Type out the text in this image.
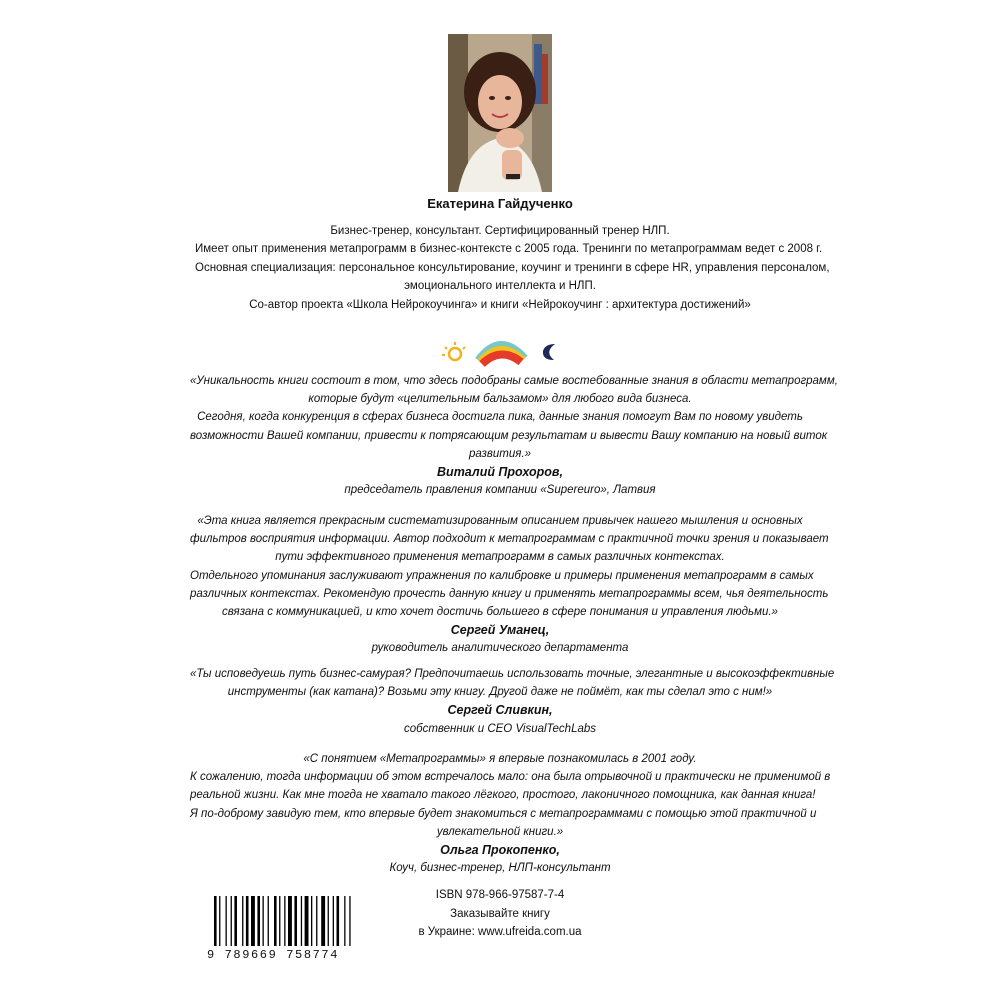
Екатерина Гайдученко
Бизнес-тренер, консультант. Сертифицированный тренер НЛП.
Имеет опыт применения метапрограмм в бизнес-контексте с 2005 года. Тренинги по метапрограммам ведет с 2008 г.
Основная специализация: персональное консультирование, коучинг и тренинги в сфере HR, управления персоналом,
эмоционального интеллекта и НЛП.
Со-автор проекта «Школа Нейрокоучинга» и книги «Нейрокоучинг : архитектура достижений»
«Уникальность книги состоит в том, что здесь подобраны самые востебованные знания в области метапрограмм,
которые будут «целительным бальзамом» для любого вида бизнеса.
Сегодня, когда конкуренция в сферах бизнеса достигла пика, данные знания помогут Вам по новому увидеть
возможности Вашей компании, привести к потрясающим результатам и вывести Вашу компанию на новый виток
развития.»
Виталий Прохоров,
председатель правления компании «Supereuro», Латвия
«Эта книга является прекрасным систематизированным описанием привычек нашего мышления и основных
фильтров восприятия информации. Автор подходит к метапрограммам с практичной точки зрения и показывает
пути эффективного применения метапрограмм в самых различных контекстах.
Отдельного упоминания заслуживают упражнения по калибровке и примеры применения метапрограмм в самых
различных контекстах. Рекомендую прочесть данную книгу и применять метапрограммы всем, чья деятельность
связана с коммуникацией, и кто хочет достичь большего в сфере понимания и управления людьми.»
Сергей Уманец,
руководитель аналитического департамента
«Ты исповедуешь путь бизнес-самурая? Предпочитаешь использовать точные, элегантные и высокоэффективные
инструменты (как катана)? Возьми эту книгу. Другой даже не поймёт, как ты сделал это с ним!»
Сергей Сливкин,
собственник и CEO VisualTechLabs
«С понятием «Метапрограммы» я впервые познакомилась в 2001 году.
К сожалению, тогда информации об этом встречалось мало: она была отрывочной и практически не применимой в
реальной жизни. Как мне тогда не хватало такого лёгкого, простого, лаконичного помощника, как данная книга!
Я по-доброму завидую тем, кто впервые будет знакомиться с метапрограммами с помощью этой практичной и
увлекательной книги.»
Ольга Прокопенко,
Коуч, бизнес-тренер, НЛП-консультант
ISBN 978-966-97587-7-4
Заказывайте книгу
в Украине: www.ufreida.com.ua
9 789669 758774
